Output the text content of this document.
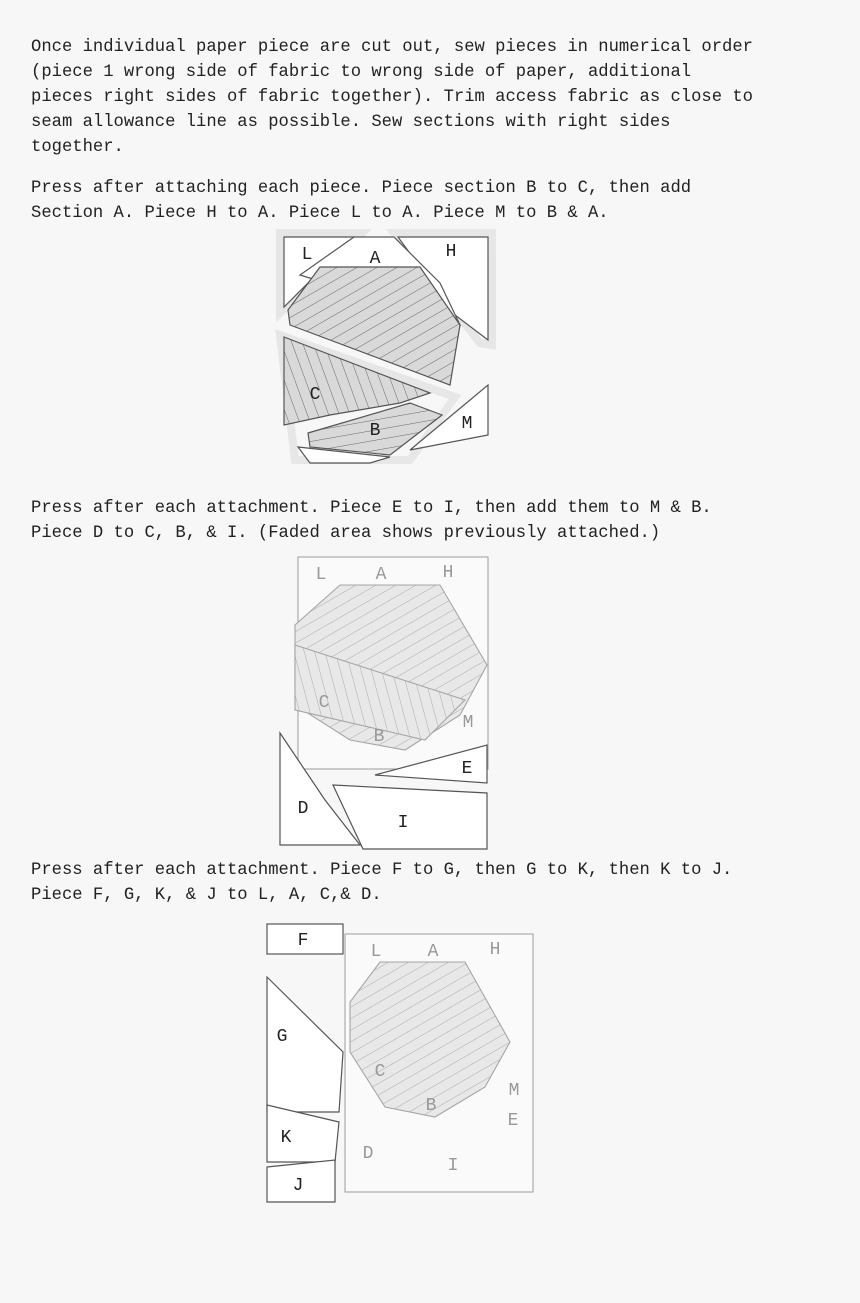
Once individual paper piece are cut out, sew pieces in numerical order
(piece 1 wrong side of fabric to wrong side of paper, additional
pieces right sides of fabric together). Trim access fabric as close to
seam allowance line as possible. Sew sections with right sides
together.
Press after attaching each piece. Piece section B to C, then add
Section A. Piece H to A. Piece L to A. Piece M to B & A.
L	A	H
C
B	M
Press after each attachment. Piece E to I, then add them to M & B.
Piece D to C, B, & I. (Faded area shows previously attached.)
L	A	H
C
B
M
E
D
I
Press after each attachment. Piece F to G, then G to K, then K to J.
Piece F, G, K, & J to L, A, C,& D.
F
G
K
J
L	A	H
C
B
M
E
D
I
